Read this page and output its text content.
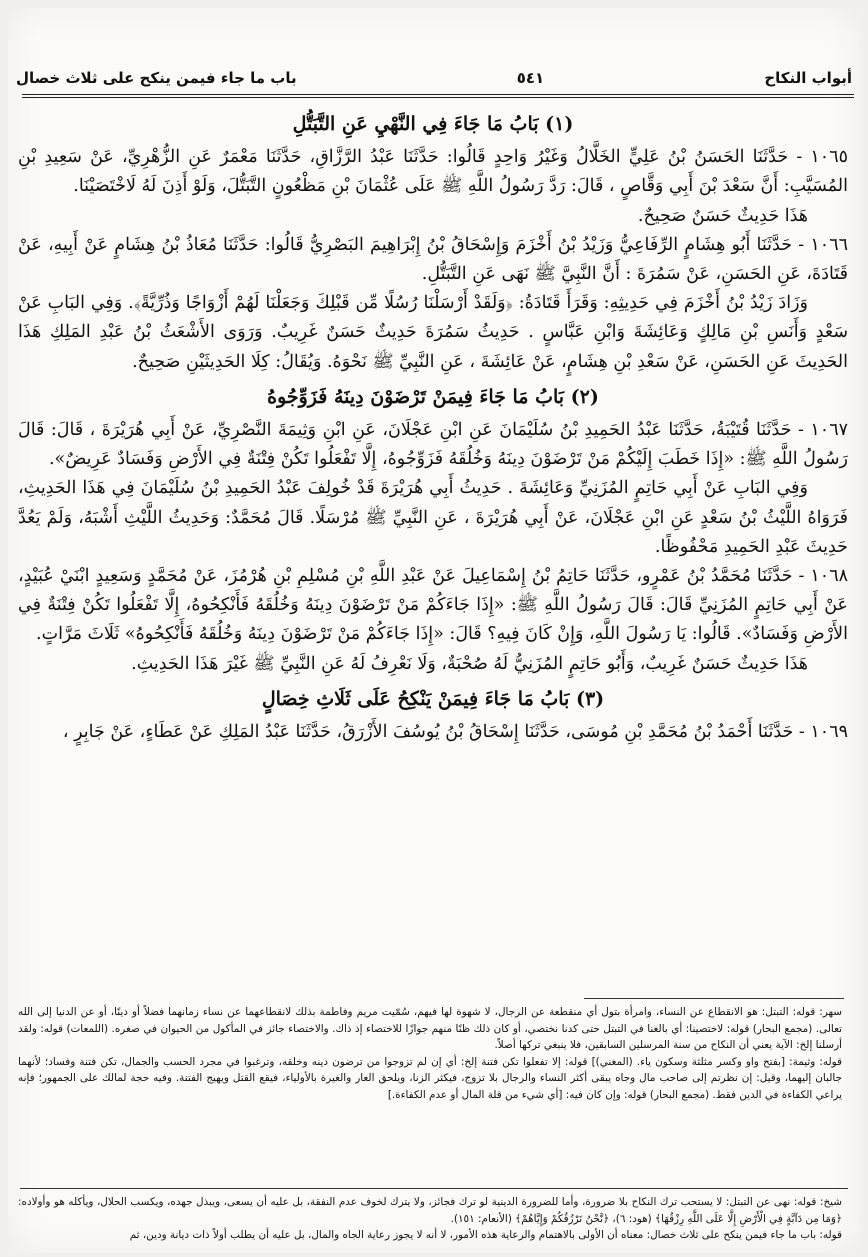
أبواب النكاح
٥٤١
باب ما جاء فيمن ينكح على ثلاث خصال
(١) بَابُ مَا جَاءَ فِي النَّهْيِ عَنِ التَّبَتُّلِ

١٠٦٥ - حَدَّثَنَا الحَسَنُ بْنُ عَلِيٍّ الخَلَّالُ وَغَيْرُ وَاحِدٍ قَالُوا: حَدَّثَنَا عَبْدُ الرَّزَّاقِ، حَدَّثَنَا مَعْمَرٌ عَنِ الزُّهْرِيِّ، عَنْ سَعِيدِ بْنِ المُسَيَّبِ: أَنَّ سَعْدَ بْنَ أَبِي وَقَّاصٍ ، قَالَ: رَدَّ رَسُولُ اللَّهِ ﷺ عَلَى عُثْمَانَ بْنِ مَظْعُونٍ التَّبَتُّلَ، وَلَوْ أَذِنَ لَهُ لَاخْتَصَيْنَا.

هَذَا حَدِيثٌ حَسَنٌ صَحِيحٌ.

١٠٦٦ - حَدَّثَنَا أَبُو هِشَامٍ الرِّفَاعِيُّ وَزَيْدُ بْنُ أَخْزَمَ وَإِسْحَاقُ بْنُ إِبْرَاهِيمَ البَصْرِيُّ قَالُوا: حَدَّثَنَا مُعَاذُ بْنُ هِشَامٍ عَنْ أَبِيهِ، عَنْ قَتَادَةَ، عَنِ الحَسَنِ، عَنْ سَمُرَةَ : أَنَّ النَّبِيَّ ﷺ نَهَى عَنِ التَّبَتُّلِ.

وَزَادَ زَيْدُ بْنُ أَخْزَمَ فِي حَدِيثِهِ: وَقَرَأَ قَتَادَةُ: ﴿وَلَقَدْ أَرْسَلْنَا رُسُلًا مِّن قَبْلِكَ وَجَعَلْنَا لَهُمْ أَزْوَاجًا وَذُرِّيَّةً﴾. وَفِي البَابِ عَنْ سَعْدٍ وَأَنَسِ بْنِ مَالِكٍ وَعَائِشَةَ وَابْنِ عَبَّاسٍ . حَدِيثُ سَمُرَةَ حَدِيثٌ حَسَنٌ غَرِيبٌ. وَرَوَى الأَشْعَثُ بْنُ عَبْدِ المَلِكِ هَذَا الحَدِيثَ عَنِ الحَسَنِ، عَنْ سَعْدِ بْنِ هِشَامٍ، عَنْ عَائِشَةَ ، عَنِ النَّبِيِّ ﷺ نَحْوَهُ. وَيُقَالُ: كِلَا الحَدِيثَيْنِ صَحِيحٌ.

(٢) بَابُ مَا جَاءَ فِيمَنْ تَرْضَوْنَ دِينَهُ فَزَوِّجُوهُ

١٠٦٧ - حَدَّثَنَا قُتَيْبَةُ، حَدَّثَنَا عَبْدُ الحَمِيدِ بْنُ سُلَيْمَانَ عَنِ ابْنِ عَجْلَانَ، عَنِ ابْنِ وَثِيمَةَ النَّصْرِيِّ، عَنْ أَبِي هُرَيْرَةَ ، قَالَ: قَالَ رَسُولُ اللَّهِ ﷺ: «إِذَا خَطَبَ إِلَيْكُمْ مَنْ تَرْضَوْنَ دِينَهُ وَخُلُقَهُ فَزَوِّجُوهُ، إِلَّا تَفْعَلُوا تَكُنْ فِتْنَةٌ فِي الأَرْضِ وَفَسَادٌ عَرِيضٌ».

وَفِي البَابِ عَنْ أَبِي حَاتِمٍ المُزَنِيِّ وَعَائِشَةَ . حَدِيثُ أَبِي هُرَيْرَةَ قَدْ خُولِفَ عَبْدُ الحَمِيدِ بْنُ سُلَيْمَانَ فِي هَذَا الحَدِيثِ، فَرَوَاهُ اللَّيْثُ بْنُ سَعْدٍ عَنِ ابْنِ عَجْلَانَ، عَنْ أَبِي هُرَيْرَةَ ، عَنِ النَّبِيِّ ﷺ مُرْسَلًا. قَالَ مُحَمَّدٌ: وَحَدِيثُ اللَّيْثِ أَشْبَهُ، وَلَمْ يَعُدَّ حَدِيثَ عَبْدِ الحَمِيدِ مَحْفُوظًا.

١٠٦٨ - حَدَّثَنَا مُحَمَّدُ بْنُ عَمْرٍو، حَدَّثَنَا حَاتِمُ بْنُ إِسْمَاعِيلَ عَنْ عَبْدِ اللَّهِ بْنِ مُسْلِمِ بْنِ هُرْمُزَ، عَنْ مُحَمَّدٍ وَسَعِيدٍ ابْنَيْ عُبَيْدٍ، عَنْ أَبِي حَاتِمٍ المُزَنِيِّ قَالَ: قَالَ رَسُولُ اللَّهِ ﷺ: «إِذَا جَاءَكُمْ مَنْ تَرْضَوْنَ دِينَهُ وَخُلُقَهُ فَأَنْكِحُوهُ، إِلَّا تَفْعَلُوا تَكُنْ فِتْنَةٌ فِي الأَرْضِ وَفَسَادٌ». قَالُوا: يَا رَسُولَ اللَّهِ، وَإِنْ كَانَ فِيهِ؟ قَالَ: «إِذَا جَاءَكُمْ مَنْ تَرْضَوْنَ دِينَهُ وَخُلُقَهُ فَأَنْكِحُوهُ» ثَلَاثَ مَرَّاتٍ.

هَذَا حَدِيثٌ حَسَنٌ غَرِيبٌ، وَأَبُو حَاتِمٍ المُزَنِيُّ لَهُ صُحْبَةٌ، وَلَا نَعْرِفُ لَهُ عَنِ النَّبِيِّ ﷺ غَيْرَ هَذَا الحَدِيثِ.

(٣) بَابُ مَا جَاءَ فِيمَنْ يَنْكِحُ عَلَى ثَلَاثِ خِصَالٍ

١٠٦٩ - حَدَّثَنَا أَحْمَدُ بْنُ مُحَمَّدِ بْنِ مُوسَى، حَدَّثَنَا إِسْحَاقُ بْنُ يُوسُفَ الأَزْرَقُ، حَدَّثَنَا عَبْدُ المَلِكِ عَنْ عَطَاءٍ، عَنْ جَابِرٍ ،

سهر: قوله: التبتل: هو الانقطاع عن النساء، وامرأة بتول أي منقطعة عن الرجال، لا شهوة لها فيهم، سُمّيت مريم وفاطمة بذلك لانقطاعهما عن نساء زمانهما فضلاً أو دينًا، أو عن الدنيا إلى الله تعالى. (مجمع البحار) قوله: لاختصينا: أي بالغنا في التبتل حتى كدنا نختصي، أو كان ذلك ظنًا منهم جوازًا للاختصاء إذ ذاك. والاختصاء جائز في المأكول من الحيوان في صغره. (اللمعات) قوله: ولقد أرسلنا إلخ: الآية يعني أن النكاح من سنة المرسلين السابقين، فلا ينبغي تركها أصلاً.

قوله: وثيمة: [بفتح واو وكسر مثلثة وسكون ياء. (المغني)] قوله: إلا تفعلوا تكن فتنة إلخ: أي إن لم تزوجوا من ترضون دينه وخلقه، وترغبوا في مجرد الحسب والجمال، تكن فتنة وفساد؛ لأنهما جالبان إليهما، وقيل: إن نظرتم إلى صاحب مال وجاه يبقى أكثر النساء والرجال بلا تزوج، فيكثر الزنا، ويلحق العار والغيرة بالأولياء، فيقع القتل ويهيج الفتنة. وفيه حجة لمالك على الجمهور؛ فإنه يراعي الكفاءة في الدين فقط. (مجمع البحار) قوله: وإن كان فيه: [أي شيء من قلة المال أو عدم الكفاءة.]

شيخ: قوله: نهى عن التبتل: لا يستحب ترك النكاح بلا ضرورة، وأما للضرورة الدينية لو ترك فجائز، ولا يترك لخوف عدم النفقة، بل عليه أن يسعى، ويبذل جهده، ويكسب الحلال، ويأكله هو وأولاده: ﴿وَمَا مِن دَآبَّةٍ فِي الْأَرْضِ إِلَّا عَلَى اللَّهِ رِزْقُهَا﴾ (هود: ٦)، ﴿نَّحْنُ نَرْزُقُكُمْ وَإِيَّاهُمْ﴾ (الأنعام: ١٥١).

قوله: باب ما جاء فيمن ينكح على ثلاث خصال: معناه أن الأولى بالاهتمام والرعاية هذه الأمور، لا أنه لا يجوز رعاية الجاه والمال، بل عليه أن يطلب أولاً ذات ديانة ودين، ثم
